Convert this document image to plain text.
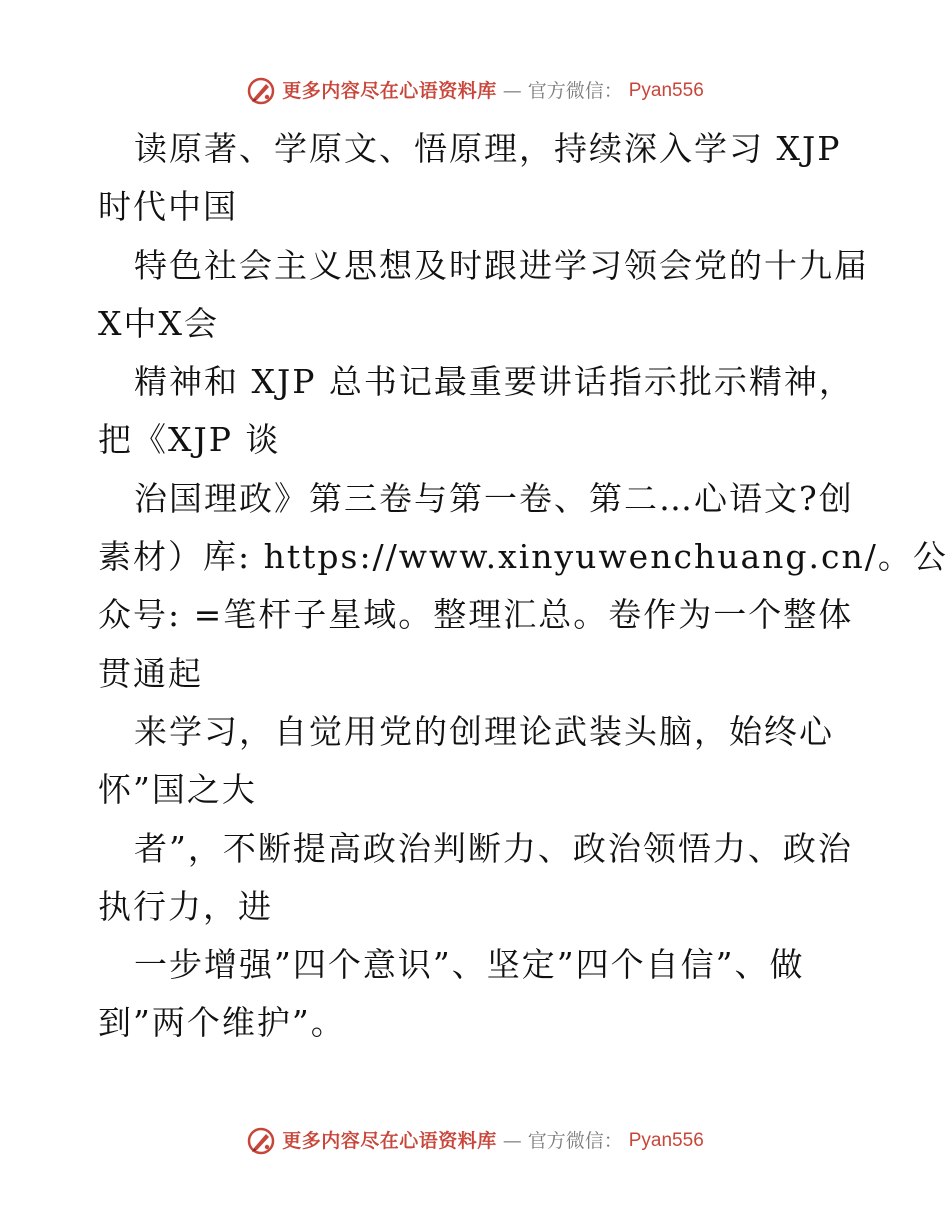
更多内容尽在心语资料库 — 官方微信： Pyan556
读原著、学原文、悟原理，持续深入学习 XJP
时代中国
特色社会主义思想及时跟进学习领会党的十九届
X中X会
精神和 XJP 总书记最重要讲话指示批示精神，
把《XJP 谈
治国理政》第三卷与第一卷、第二…心语文?创
素材）库: https://www.xinyuwenchuang.cn/。公
众号: =笔杆子星域。整理汇总。卷作为一个整体
贯通起
来学习，自觉用党的创理论武装头脑，始终心
怀”国之大
者”，不断提高政治判断力、政治领悟力、政治
执行力，进
一步增强”四个意识”、坚定”四个自信”、做
到”两个维护”。
更多内容尽在心语资料库 — 官方微信： Pyan556
